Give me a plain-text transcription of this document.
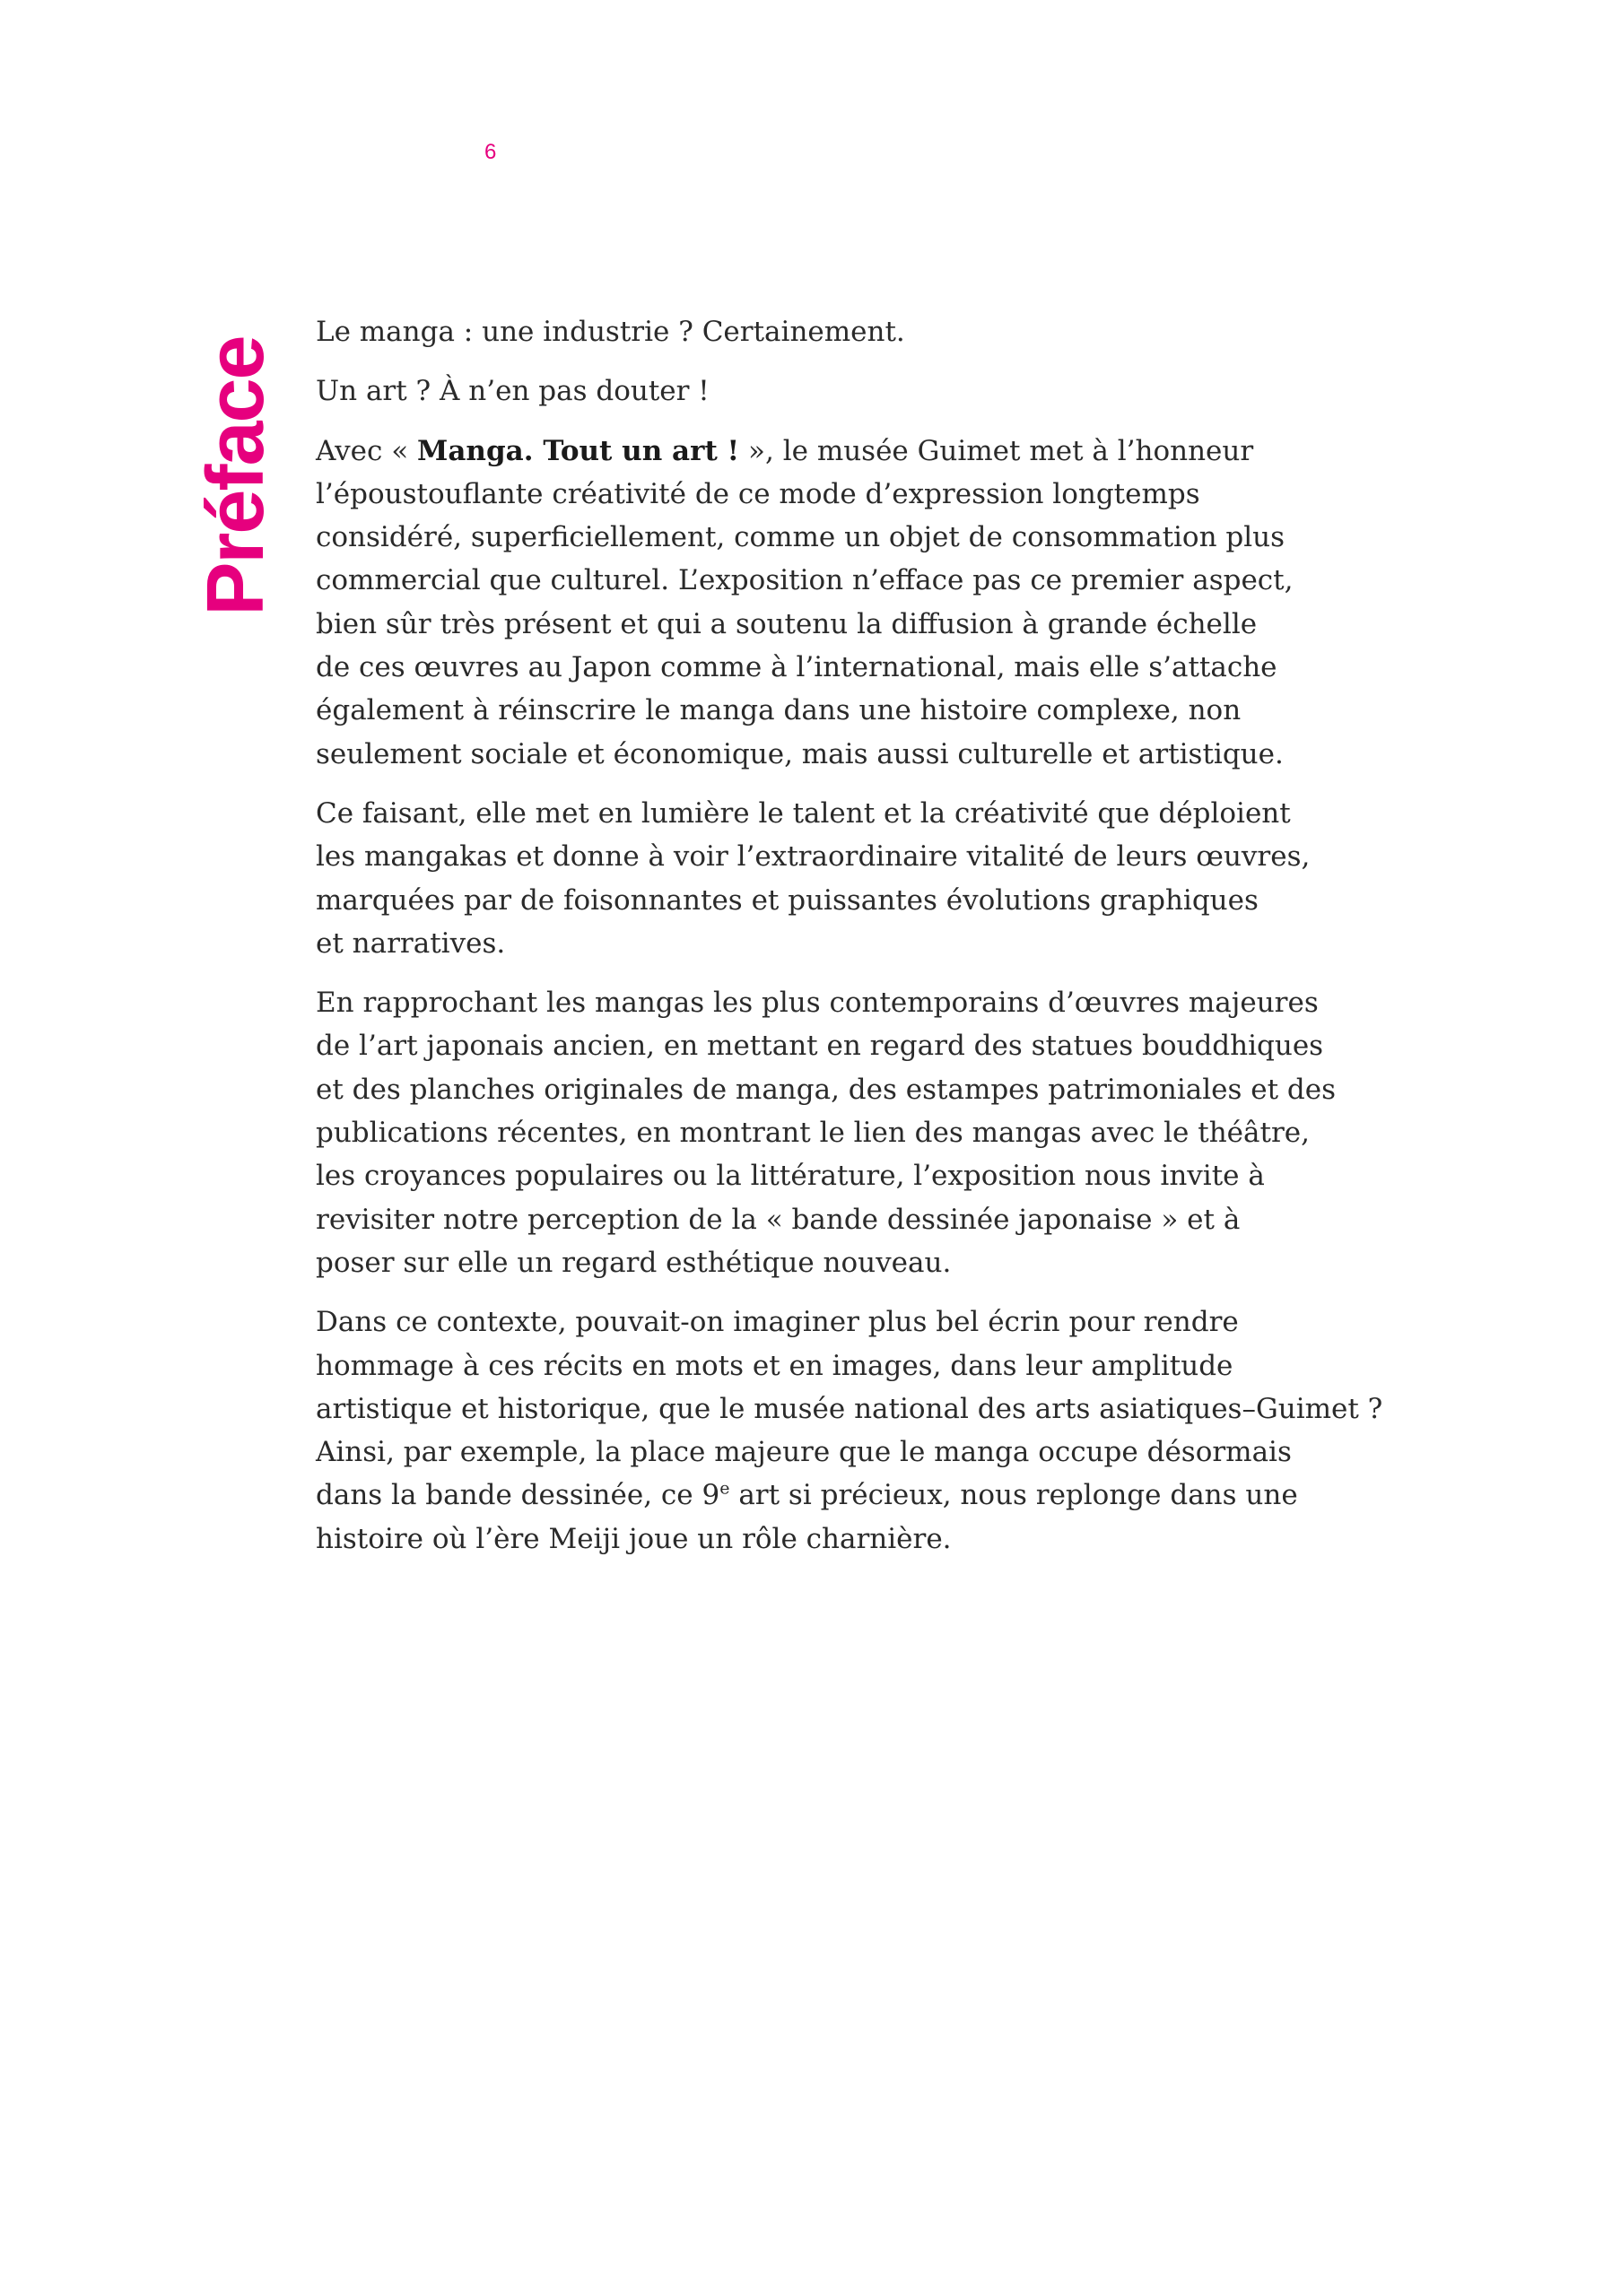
6
Préface

Le manga : une industrie ? Certainement.

Un art ? À n’en pas douter !

Avec « Manga. Tout un art ! », le musée Guimet met à l’honneur
l’époustouflante créativité de ce mode d’expression longtemps
considéré, superficiellement, comme un objet de consommation plus
commercial que culturel. L’exposition n’efface pas ce premier aspect,
bien sûr très présent et qui a soutenu la diffusion à grande échelle
de ces œuvres au Japon comme à l’international, mais elle s’attache
également à réinscrire le manga dans une histoire complexe, non
seulement sociale et économique, mais aussi culturelle et artistique.

Ce faisant, elle met en lumière le talent et la créativité que déploient
les mangakas et donne à voir l’extraordinaire vitalité de leurs œuvres,
marquées par de foisonnantes et puissantes évolutions graphiques
et narratives.

En rapprochant les mangas les plus contemporains d’œuvres majeures
de l’art japonais ancien, en mettant en regard des statues bouddhiques
et des planches originales de manga, des estampes patrimoniales et des
publications récentes, en montrant le lien des mangas avec le théâtre,
les croyances populaires ou la littérature, l’exposition nous invite à
revisiter notre perception de la « bande dessinée japonaise » et à
poser sur elle un regard esthétique nouveau.

Dans ce contexte, pouvait-on imaginer plus bel écrin pour rendre
hommage à ces récits en mots et en images, dans leur amplitude
artistique et historique, que le musée national des arts asiatiques–Guimet ?
Ainsi, par exemple, la place majeure que le manga occupe désormais
dans la bande dessinée, ce 9e art si précieux, nous replonge dans une
histoire où l’ère Meiji joue un rôle charnière.
